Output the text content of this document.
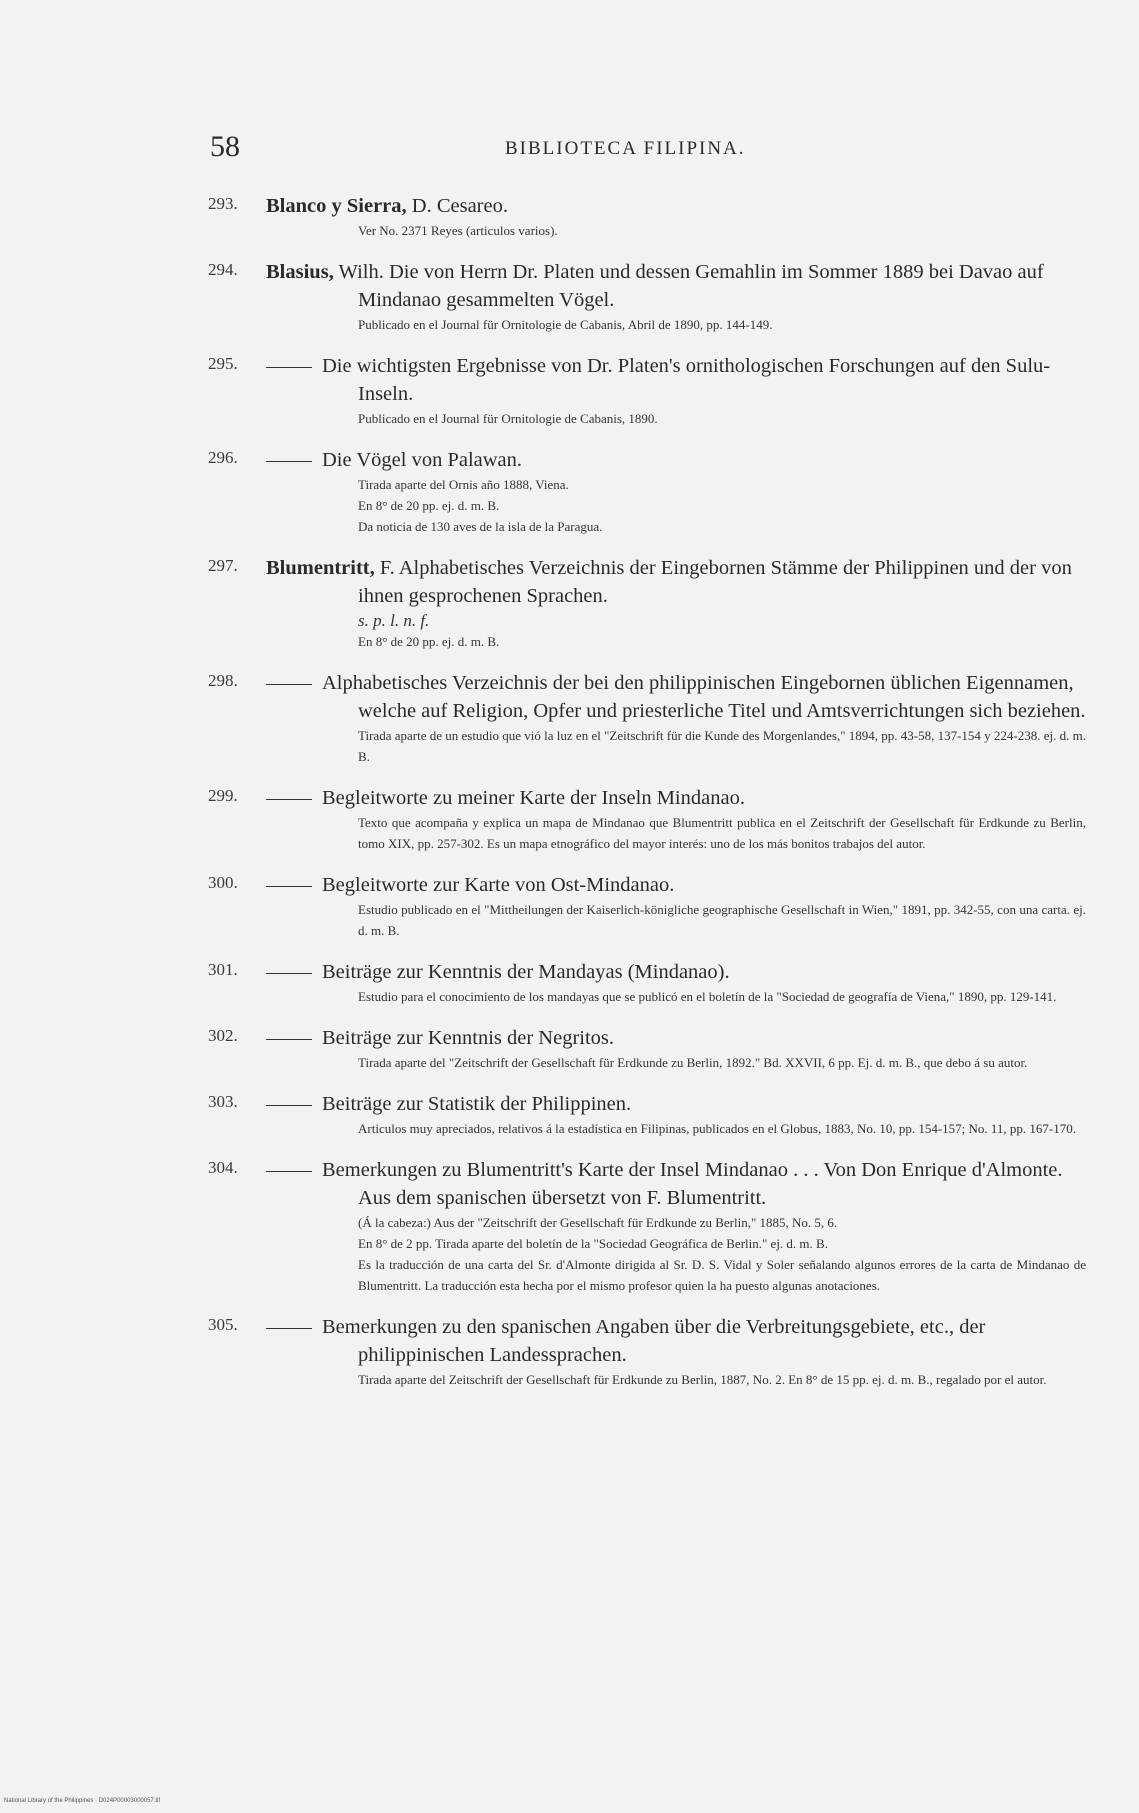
58	BIBLIOTECA FILIPINA.
293.	Blanco y Sierra, D. Cesareo.
Ver No. 2371 Reyes (articulos varios).
294.	Blasius, Wilh. Die von Herrn Dr. Platen und dessen Gemahlin im Sommer 1889 bei Davao auf Mindanao gesammelten Vögel.
Publicado en el Journal für Ornitologie de Cabanis, Abril de 1890, pp. 144-149.
295.	Die wichtigsten Ergebnisse von Dr. Platen's ornithologischen Forschungen auf den Sulu-Inseln.
Publicado en el Journal für Ornitologie de Cabanis, 1890.
296.	Die Vögel von Palawan.
Tirada aparte del Ornis año 1888, Viena.
En 8° de 20 pp. ej. d. m. B.
Da noticia de 130 aves de la isla de la Paragua.
297.	Blumentritt, F. Alphabetisches Verzeichnis der Eingebornen Stämme der Philippinen und der von ihnen gesprochenen Sprachen.
s. p. l. n. f.
En 8° de 20 pp. ej. d. m. B.
298.	Alphabetisches Verzeichnis der bei den philippinischen Eingebornen üblichen Eigennamen, welche auf Religion, Opfer und priesterliche Titel und Amtsverrichtungen sich beziehen.
Tirada aparte de un estudio que vió la luz en el "Zeitschrift für die Kunde des Morgenlandes," 1894, pp. 43-58, 137-154 y 224-238. ej. d. m. B.
299.	Begleitworte zu meiner Karte der Inseln Mindanao.
Texto que acompaña y explica un mapa de Mindanao que Blumentritt publica en el Zeitschrift der Gesellschaft für Erdkunde zu Berlin, tomo XIX, pp. 257-302. Es un mapa etnográfico del mayor interés: uno de los más bonitos trabajos del autor.
300.	Begleitworte zur Karte von Ost-Mindanao.
Estudio publicado en el "Mittheilungen der Kaiserlich-königliche geographische Gesellschaft in Wien," 1891, pp. 342-55, con una carta. ej. d. m. B.
301.	Beiträge zur Kenntnis der Mandayas (Mindanao).
Estudio para el conocimiento de los mandayas que se publicó en el boletín de la "Sociedad de geografía de Viena," 1890, pp. 129-141.
302.	Beiträge zur Kenntnis der Negritos.
Tirada aparte del "Zeitschrift der Gesellschaft für Erdkunde zu Berlin, 1892." Bd. XXVII, 6 pp. Ej. d. m. B., que debo á su autor.
303.	Beiträge zur Statistik der Philippinen.
Articulos muy apreciados, relativos á la estadística en Filipinas, publicados en el Globus, 1883, No. 10, pp. 154-157; No. 11, pp. 167-170.
304.	Bemerkungen zu Blumentritt's Karte der Insel Mindanao . . . Von Don Enrique d'Almonte. Aus dem spanischen übersetzt von F. Blumentritt.
(Á la cabeza:) Aus der "Zeitschrift der Gesellschaft für Erdkunde zu Berlin," 1885, No. 5, 6.
En 8° de 2 pp. Tirada aparte del boletín de la "Sociedad Geográfica de Berlin." ej. d. m. B.
Es la traducción de una carta del Sr. d'Almonte dirigida al Sr. D. S. Vidal y Soler señalando algunos errores de la carta de Mindanao de Blumentritt. La traducción esta hecha por el mismo profesor quien la ha puesto algunas anotaciones.
305.	Bemerkungen zu den spanischen Angaben über die Verbreitungsgebiete, etc., der philippinischen Landessprachen.
Tirada aparte del Zeitschrift der Gesellschaft für Erdkunde zu Berlin, 1887, No. 2. En 8° de 15 pp. ej. d. m. B., regalado por el autor.
National Library of the Philippines · D024P00003000057.tif
